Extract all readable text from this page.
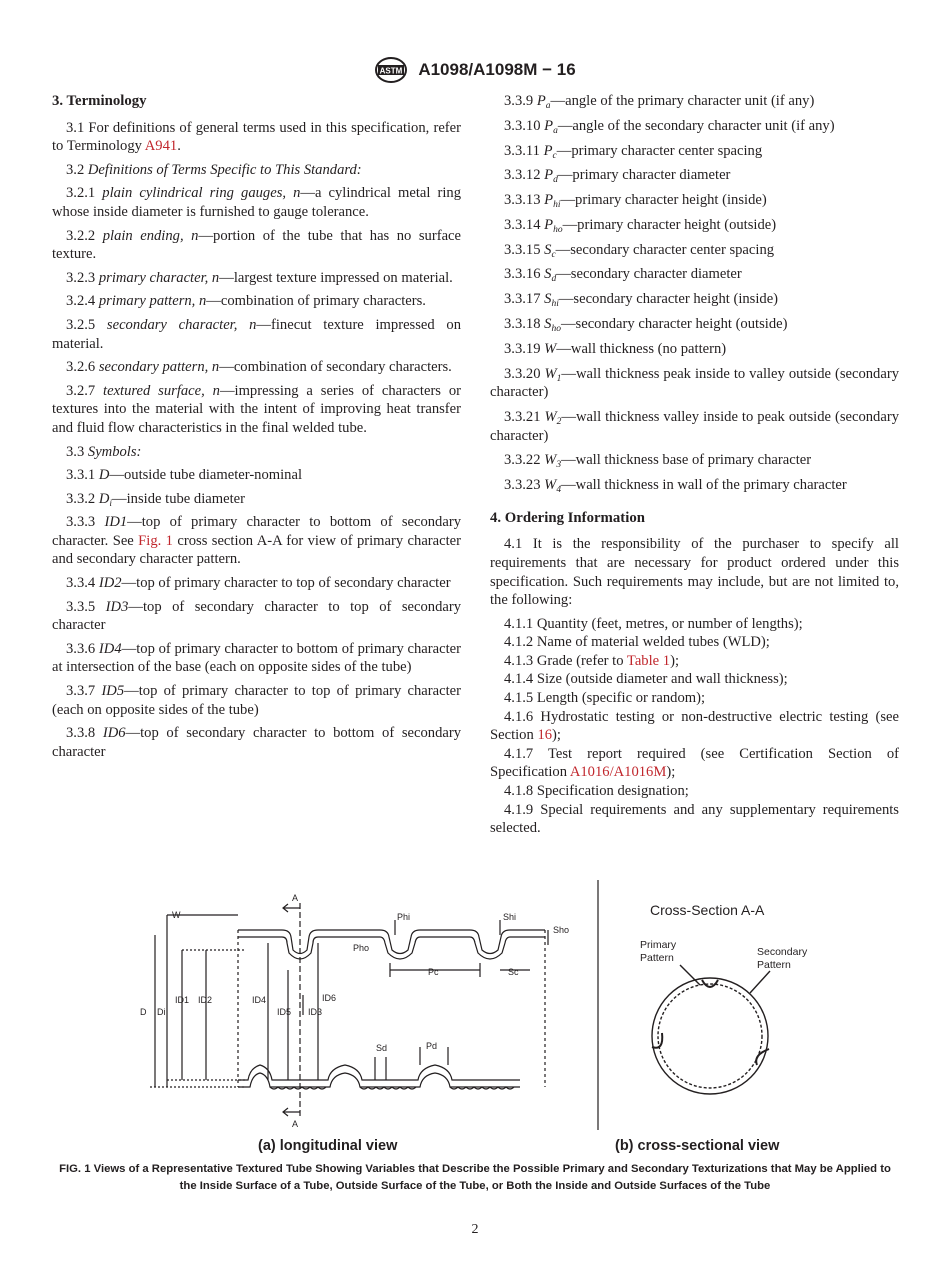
ASTM A1098/A1098M − 16
3. Terminology

3.1 For definitions of general terms used in this specification, refer to Terminology A941.

3.2 Definitions of Terms Specific to This Standard:

3.2.1 plain cylindrical ring gauges, n—a cylindrical metal ring whose inside diameter is furnished to gauge tolerance.

3.2.2 plain ending, n—portion of the tube that has no surface texture.

3.2.3 primary character, n—largest texture impressed on material.

3.2.4 primary pattern, n—combination of primary characters.

3.2.5 secondary character, n—finecut texture impressed on material.

3.2.6 secondary pattern, n—combination of secondary characters.

3.2.7 textured surface, n—impressing a series of characters or textures into the material with the intent of improving heat transfer and fluid flow characteristics in the final welded tube.

3.3 Symbols:

3.3.1 D—outside tube diameter-nominal

3.3.2 $D_i—inside$ tube diameter

3.3.3 ID1—top of primary character to bottom of secondary character. See Fig. 1 cross section A-A for view of primary character and secondary character pattern.

3.3.4 ID2—top of primary character to top of secondary character

3.3.5 ID3—top of secondary character to top of secondary character

3.3.6 ID4—top of primary character to bottom of primary character at intersection of the base (each on opposite sides of the tube)

3.3.7 ID5—top of primary character to top of primary character (each on opposite sides of the tube)

3.3.8 ID6—top of secondary character to bottom of secondary character

3.3.9 $P_a—angle$ of the primary character unit (if any)

3.3.10 $P_a—angle$ of the secondary character unit (if any)

3.3.11 $P_c—primary$ character center spacing

3.3.12 $P_d—primary$ character diameter

3.3.13 $P_{hi}—primary$ character height (inside)

3.3.14 $P_{ho}—primary$ character height (outside)

3.3.15 $S_c—secondary$ character center spacing

3.3.16 $S_d—secondary$ character diameter

3.3.17 $S_{hi}—secondary$ character height (inside)

3.3.18 $S_{ho}—secondary$ character height (outside)

3.3.19 W—wall thickness (no pattern)

3.3.20 $W_1—wall$ thickness peak inside to valley outside (secondary character)

3.3.21 $W_2—wall$ thickness valley inside to peak outside (secondary character)

3.3.22 $W_3—wall$ thickness base of primary character

3.3.23 $W_4—wall$ thickness in wall of the primary character

4. Ordering Information

4.1 It is the responsibility of the purchaser to specify all requirements that are necessary for product ordered under this specification. Such requirements may include, but are not limited to, the following:

4.1.1 Quantity (feet, metres, or number of lengths);

4.1.2 Name of material welded tubes (WLD);

4.1.3 Grade (refer to Table 1);

4.1.4 Size (outside diameter and wall thickness);

4.1.5 Length (specific or random);

4.1.6 Hydrostatic testing or non-destructive electric testing (see Section 16);

4.1.7 Test report required (see Certification Section of Specification A1016/A1016M);

4.1.8 Specification designation;

4.1.9 Special requirements and any supplementary requirements selected.

A
A
W	Phi	Shi
Sho
Pho
Pc	Sc
D Di
ID1 ID2	ID4
ID5 ID3
ID6
Sd	Pd
Cross-Section A-A
Primary
Pattern	Secondary
Pattern
(a) longitudinal view	(b) cross-sectional view
FIG. 1 Views of a Representative Textured Tube Showing Variables that Describe the Possible Primary and Secondary Texturizations that May be Applied to the Inside Surface of a Tube, Outside Surface of the Tube, or Both the Inside and Outside Surfaces of the Tube
2
